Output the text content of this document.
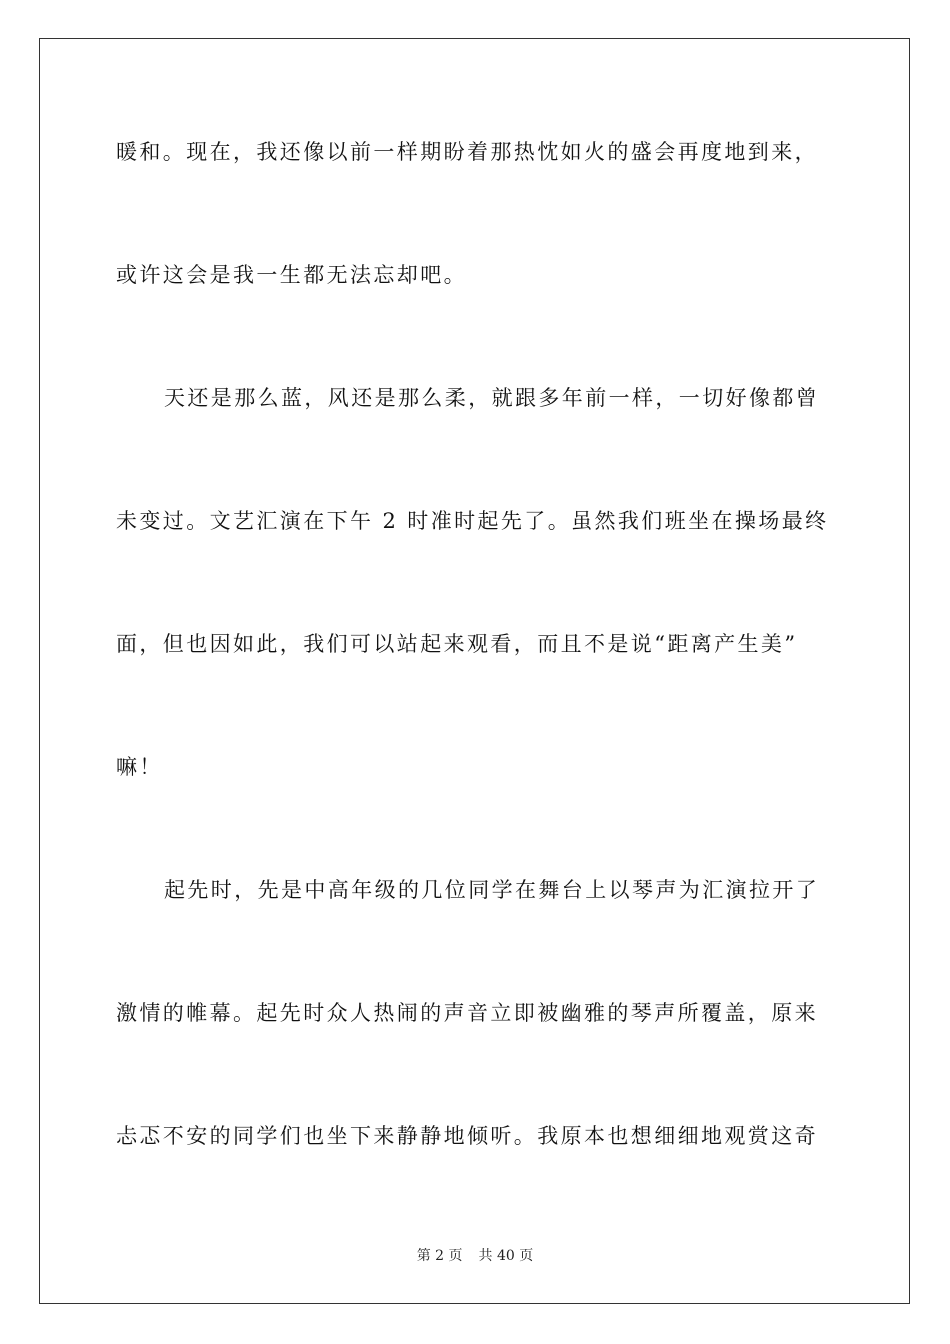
暖和。现在，我还像以前一样期盼着那热忱如火的盛会再度地到来，
或许这会是我一生都无法忘却吧。
天还是那么蓝，风还是那么柔，就跟多年前一样，一切好像都曾
未变过。文艺汇演在下午 2 时准时起先了。虽然我们班坐在操场最终
面，但也因如此，我们可以站起来观看，而且不是说“距离产生美”
嘛！
起先时，先是中高年级的几位同学在舞台上以琴声为汇演拉开了
激情的帷幕。起先时众人热闹的声音立即被幽雅的琴声所覆盖，原来
忐忑不安的同学们也坐下来静静地倾听。我原本也想细细地观赏这奇
第 2 页 共 40 页
